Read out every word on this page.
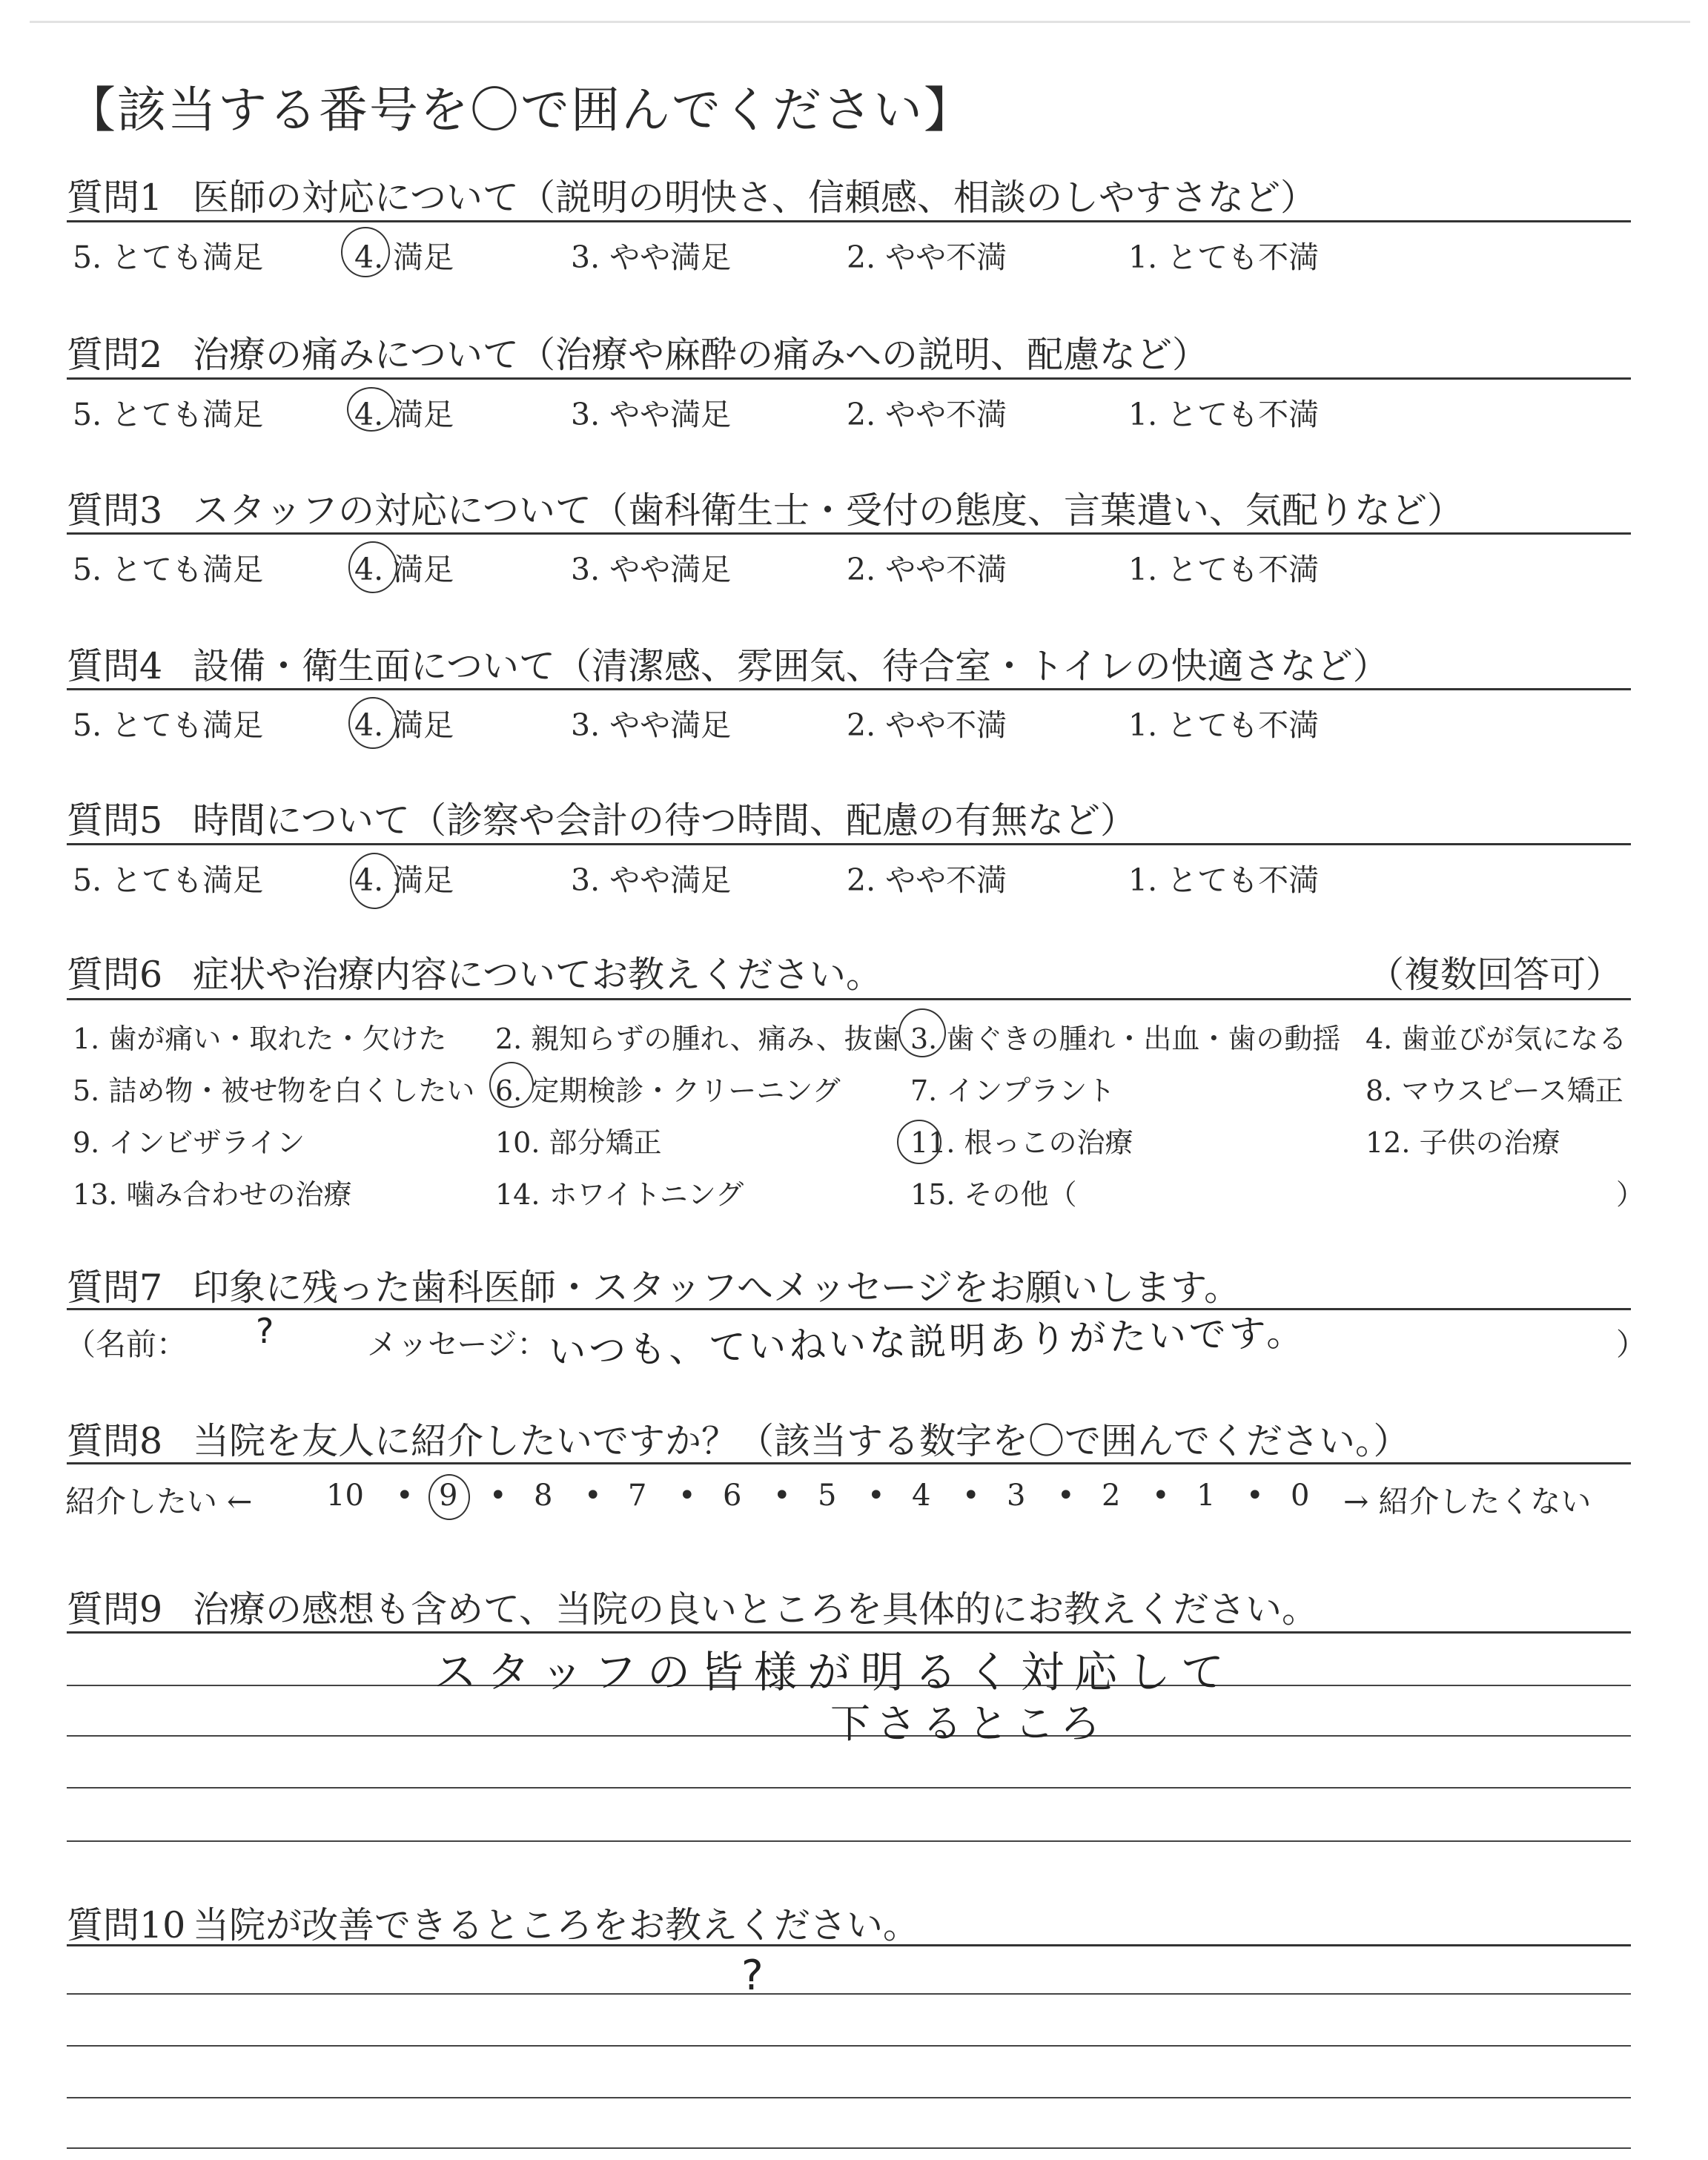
【該当する番号を〇で囲んでください】
質問1 医師の対応について（説明の明快さ、信頼感、相談のしやすさなど）
5. とても満足	4. 満足	3. やや満足	2. やや不満	1. とても不満
質問2 治療の痛みについて（治療や麻酔の痛みへの説明、配慮など）
5. とても満足	4. 満足	3. やや満足	2. やや不満	1. とても不満
質問3 スタッフの対応について（歯科衛生士・受付の態度、言葉遣い、気配りなど）
5. とても満足	4. 満足	3. やや満足	2. やや不満	1. とても不満
質問4 設備・衛生面について（清潔感、雰囲気、待合室・トイレの快適さなど）
5. とても満足	4. 満足	3. やや満足	2. やや不満	1. とても不満
質問5 時間について（診察や会計の待つ時間、配慮の有無など）
5. とても満足	4. 満足	3. やや満足	2. やや不満	1. とても不満
質問6 症状や治療内容についてお教えください。	（複数回答可）
1. 歯が痛い・取れた・欠けた 2. 親知らずの腫れ、痛み、抜歯 3. 歯ぐきの腫れ・出血・歯の動揺 4. 歯並びが気になる
5. 詰め物・被せ物を白くしたい 6. 定期検診・クリーニング 7. インプラント	8. マウスピース矯正
9. インビザライン	10. 部分矯正	11. 根っこの治療	12. 子供の治療
13. 噛み合わせの治療	14. ホワイトニング	15. その他（	）
質問7 印象に残った歯科医師・スタッフへメッセージをお願いします。
（名前： ?	メッセージ： いつも、ていねいな説明ありがたいです。	）
質問8 当院を友人に紹介したいですか？（該当する数字を〇で囲んでください。）
紹介したい ←	→ 紹介したくない
10	9	8	7	6	5	4	3	2	1	0
•	•	•	•	•	•	•	•	•	•
質問9 治療の感想も含めて、当院の良いところを具体的にお教えください。
スタッフの皆様が明るく対応して
下さるところ
質問10 当院が改善できるところをお教えください。
?
